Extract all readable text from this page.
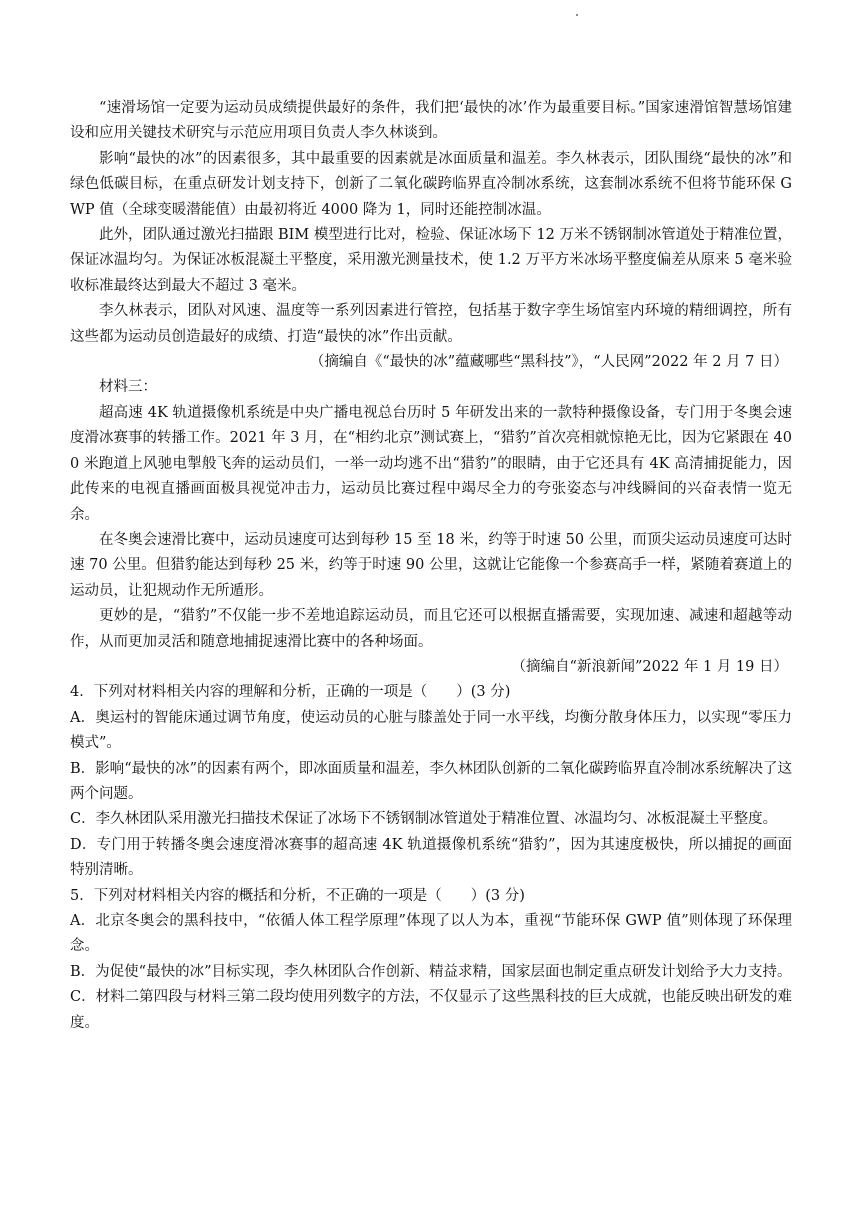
“速滑场馆一定要为运动员成绩提供最好的条件，我们把‘最快的冰’作为最重要目标。”国家速滑馆智慧场馆建设和应用关键技术研究与示范应用项目负责人李久林谈到。

影响“最快的冰”的因素很多，其中最重要的因素就是冰面质量和温差。李久林表示，团队围绕“最快的冰”和绿色低碳目标，在重点研发计划支持下，创新了二氧化碳跨临界直冷制冰系统，这套制冰系统不但将节能环保 GWP 值（全球变暖潜能值）由最初将近 4000 降为 1，同时还能控制冰温。

此外，团队通过激光扫描跟 BIM 模型进行比对，检验、保证冰场下 12 万米不锈钢制冰管道处于精准位置，保证冰温均匀。为保证冰板混凝土平整度，采用激光测量技术，使 1.2 万平方米冰场平整度偏差从原来 5 毫米验收标准最终达到最大不超过 3 毫米。

李久林表示，团队对风速、温度等一系列因素进行管控，包括基于数字孪生场馆室内环境的精细调控，所有这些都为运动员创造最好的成绩、打造“最快的冰”作出贡献。

（摘编自《“最快的冰”蕴藏哪些“黑科技”》，“人民网”2022 年 2 月 7 日）

材料三：

超高速 4K 轨道摄像机系统是中央广播电视总台历时 5 年研发出来的一款特种摄像设备，专门用于冬奥会速度滑冰赛事的转播工作。2021 年 3 月，在“相约北京”测试赛上，“猎豹”首次亮相就惊艳无比，因为它紧跟在 400 米跑道上风驰电掣般飞奔的运动员们，一举一动均逃不出“猎豹”的眼睛，由于它还具有 4K 高清捕捉能力，因此传来的电视直播画面极具视觉冲击力，运动员比赛过程中竭尽全力的夸张姿态与冲线瞬间的兴奋表情一览无余。

在冬奥会速滑比赛中，运动员速度可达到每秒 15 至 18 米，约等于时速 50 公里，而顶尖运动员速度可达时速 70 公里。但猎豹能达到每秒 25 米，约等于时速 90 公里，这就让它能像一个参赛高手一样，紧随着赛道上的运动员，让犯规动作无所遁形。

更妙的是，“猎豹”不仅能一步不差地追踪运动员，而且它还可以根据直播需要，实现加速、减速和超越等动作，从而更加灵活和随意地捕捉速滑比赛中的各种场面。

（摘编自“新浪新闻”2022 年 1 月 19 日）

4．下列对材料相关内容的理解和分析，正确的一项是（　　）(3 分)

A．奥运村的智能床通过调节角度，使运动员的心脏与膝盖处于同一水平线，均衡分散身体压力，以实现“零压力模式”。

B．影响“最快的冰”的因素有两个，即冰面质量和温差，李久林团队创新的二氧化碳跨临界直冷制冰系统解决了这两个问题。

C．李久林团队采用激光扫描技术保证了冰场下不锈钢制冰管道处于精准位置、冰温均匀、冰板混凝土平整度。

D．专门用于转播冬奥会速度滑冰赛事的超高速 4K 轨道摄像机系统“猎豹”，因为其速度极快，所以捕捉的画面特别清晰。

5．下列对材料相关内容的概括和分析，不正确的一项是（　　）(3 分)

A．北京冬奥会的黑科技中，“依循人体工程学原理”体现了以人为本，重视“节能环保 GWP 值”则体现了环保理念。

B．为促使“最快的冰”目标实现，李久林团队合作创新、精益求精，国家层面也制定重点研发计划给予大力支持。

C．材料二第四段与材料三第二段均使用列数字的方法，不仅显示了这些黑科技的巨大成就，也能反映出研发的难度。
